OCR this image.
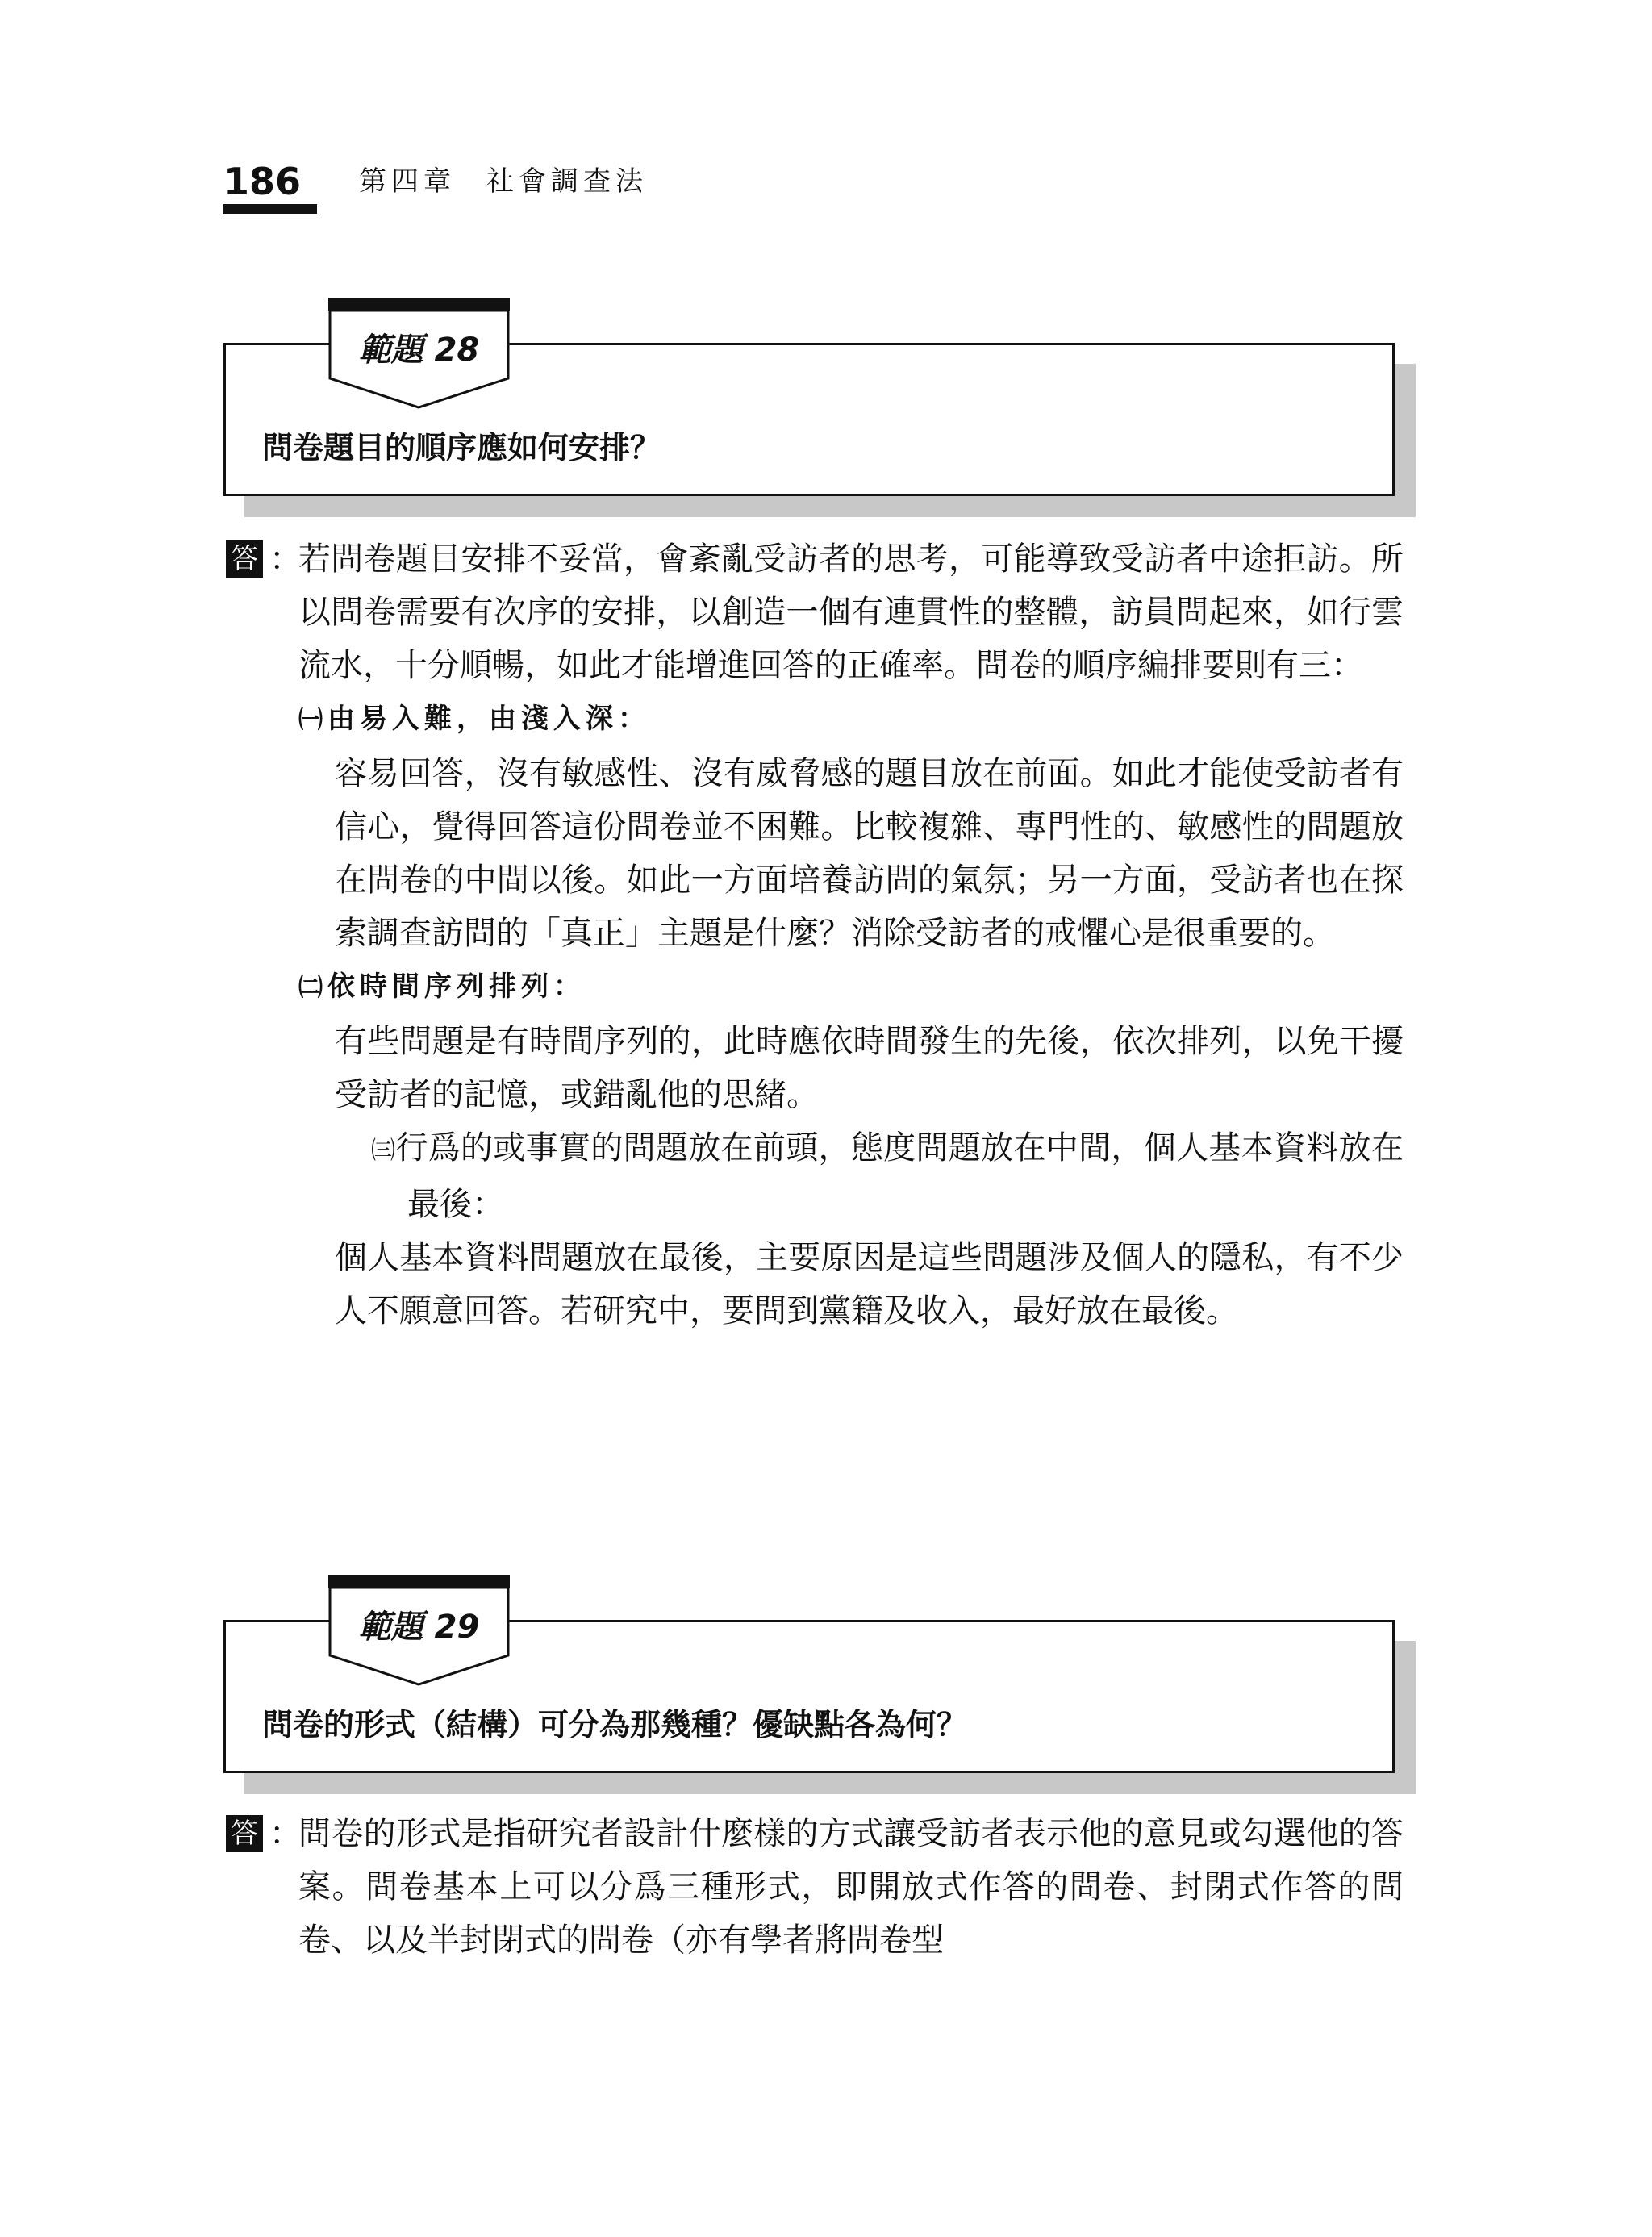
186 第四章 社會調查法
範題 28
問卷題目的順序應如何安排？
答 ：
若問卷題目安排不妥當，會紊亂受訪者的思考，可能導致受訪者中途拒訪。所以問卷需要有次序的安排，以創造一個有連貫性的整體，訪員問起來，如行雲流水，十分順暢，如此才能增進回答的正確率。問卷的順序編排要則有三：
㈠由易入難，由淺入深：
容易回答，沒有敏感性、沒有威脅感的題目放在前面。如此才能使受訪者有信心，覺得回答這份問卷並不困難。比較複雜、專門性的、敏感性的問題放在問卷的中間以後。如此一方面培養訪問的氣氛；另一方面，受訪者也在探索調查訪問的「真正」主題是什麼？消除受訪者的戒懼心是很重要的。
㈡依時間序列排列：
有些問題是有時間序列的，此時應依時間發生的先後，依次排列，以免干擾受訪者的記憶，或錯亂他的思緒。
㈢行爲的或事實的問題放在前頭，態度問題放在中間，個人基本資料放在最後：
個人基本資料問題放在最後，主要原因是這些問題涉及個人的隱私，有不少人不願意回答。若研究中，要問到黨籍及收入，最好放在最後。
範題 29
問卷的形式（結構）可分為那幾種？優缺點各為何？
答 ：
問卷的形式是指研究者設計什麼樣的方式讓受訪者表示他的意見或勾選他的答案。問卷基本上可以分爲三種形式，即開放式作答的問卷、封閉式作答的問卷、以及半封閉式的問卷（亦有學者將問卷型
